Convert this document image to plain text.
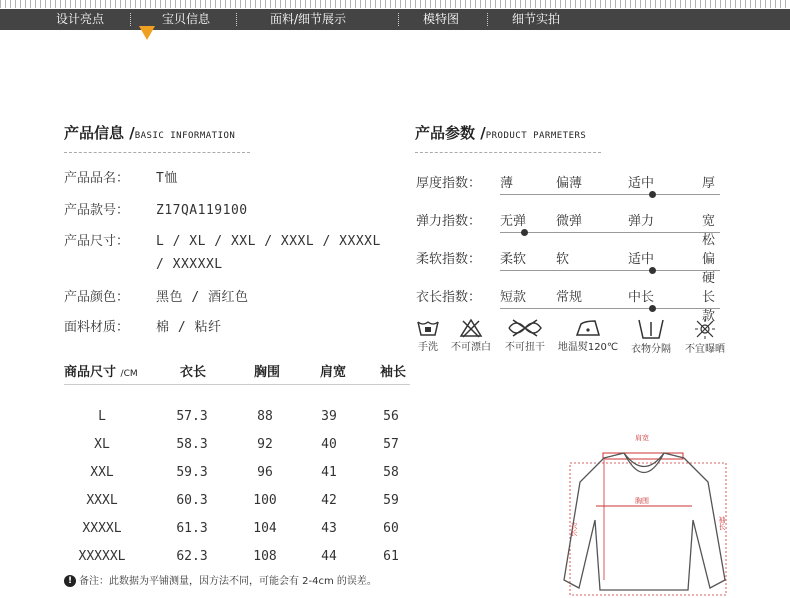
设计亮点	宝贝信息	面料/细节展示	模特图	细节实拍
产品信息 /BASIC INFORMATION
产品品名： T恤
产品款号： Z17QA119100
产品尺寸： L / XL / XXL / XXXL / XXXXL
/ XXXXXL
产品颜色： 黑色 / 酒红色
面料材质： 棉 / 粘纤
产品参数 /PRODUCT PARMETERS
厚度指数： 薄	偏薄	适中	厚
弹力指数： 无弹 微弹	弹力	宽松
柔软指数： 柔软 软	适中	偏硬
衣长指数： 短款 常规	中长	长款
手洗	不可漂白	不可扭干	地温熨120℃	衣物分隔	不宜曝晒
商品尺寸 /CM	衣长	胸围	肩宽	袖长
L	57.3	88	39	56
XL	58.3	92	40	57
XXL	59.3	96	41	58
XXXL	60.3	100	42	59
XXXXL	61.3	104	43	60
XXXXXL	62.3	108	44	61
肩宽
胸围
衣长	袖长
! 备注：此数据为平铺测量，因方法不同，可能会有 2-4cm 的误差。
